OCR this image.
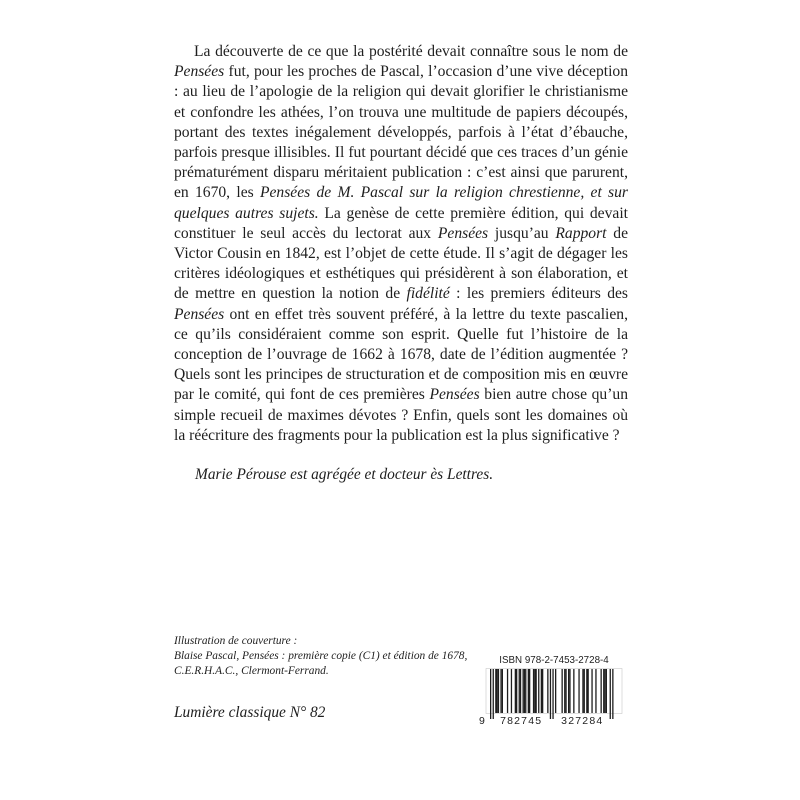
La découverte de ce que la postérité devait connaître sous le nom de Pensées fut, pour les proches de Pascal, l’occasion d’une vive déception : au lieu de l’apologie de la religion qui devait glorifier le christianisme et confondre les athées, l’on trouva une multitude de papiers découpés, portant des textes inégalement développés, parfois à l’état d’ébauche, parfois presque illisibles. Il fut pourtant décidé que ces traces d’un génie prématurément disparu méritaient publication : c’est ainsi que parurent, en 1670, les Pensées de M. Pascal sur la religion chrestienne, et sur quelques autres sujets. La genèse de cette première édition, qui devait constituer le seul accès du lectorat aux Pensées jusqu’au Rapport de Victor Cousin en 1842, est l’objet de cette étude. Il s’agit de dégager les critères idéologiques et esthétiques qui présidèrent à son élaboration, et de mettre en question la notion de fidélité : les premiers éditeurs des Pensées ont en effet très souvent préféré, à la lettre du texte pascalien, ce qu’ils considéraient comme son esprit. Quelle fut l’histoire de la conception de l’ouvrage de 1662 à 1678, date de l’édition augmentée ? Quels sont les principes de structuration et de composition mis en œuvre par le comité, qui font de ces premières Pensées bien autre chose qu’un simple recueil de maximes dévotes ? Enfin, quels sont les domaines où la réécriture des fragments pour la publication est la plus significative ?

Marie Pérouse est agrégée et docteur ès Lettres.

Illustration de couverture :
Blaise Pascal, Pensées : première copie (C1) et édition de 1678,
C.E.R.H.A.C., Clermont-Ferrand.
Lumière classique N° 82
ISBN 978-2-7453-2728-4
9 782745 327284
